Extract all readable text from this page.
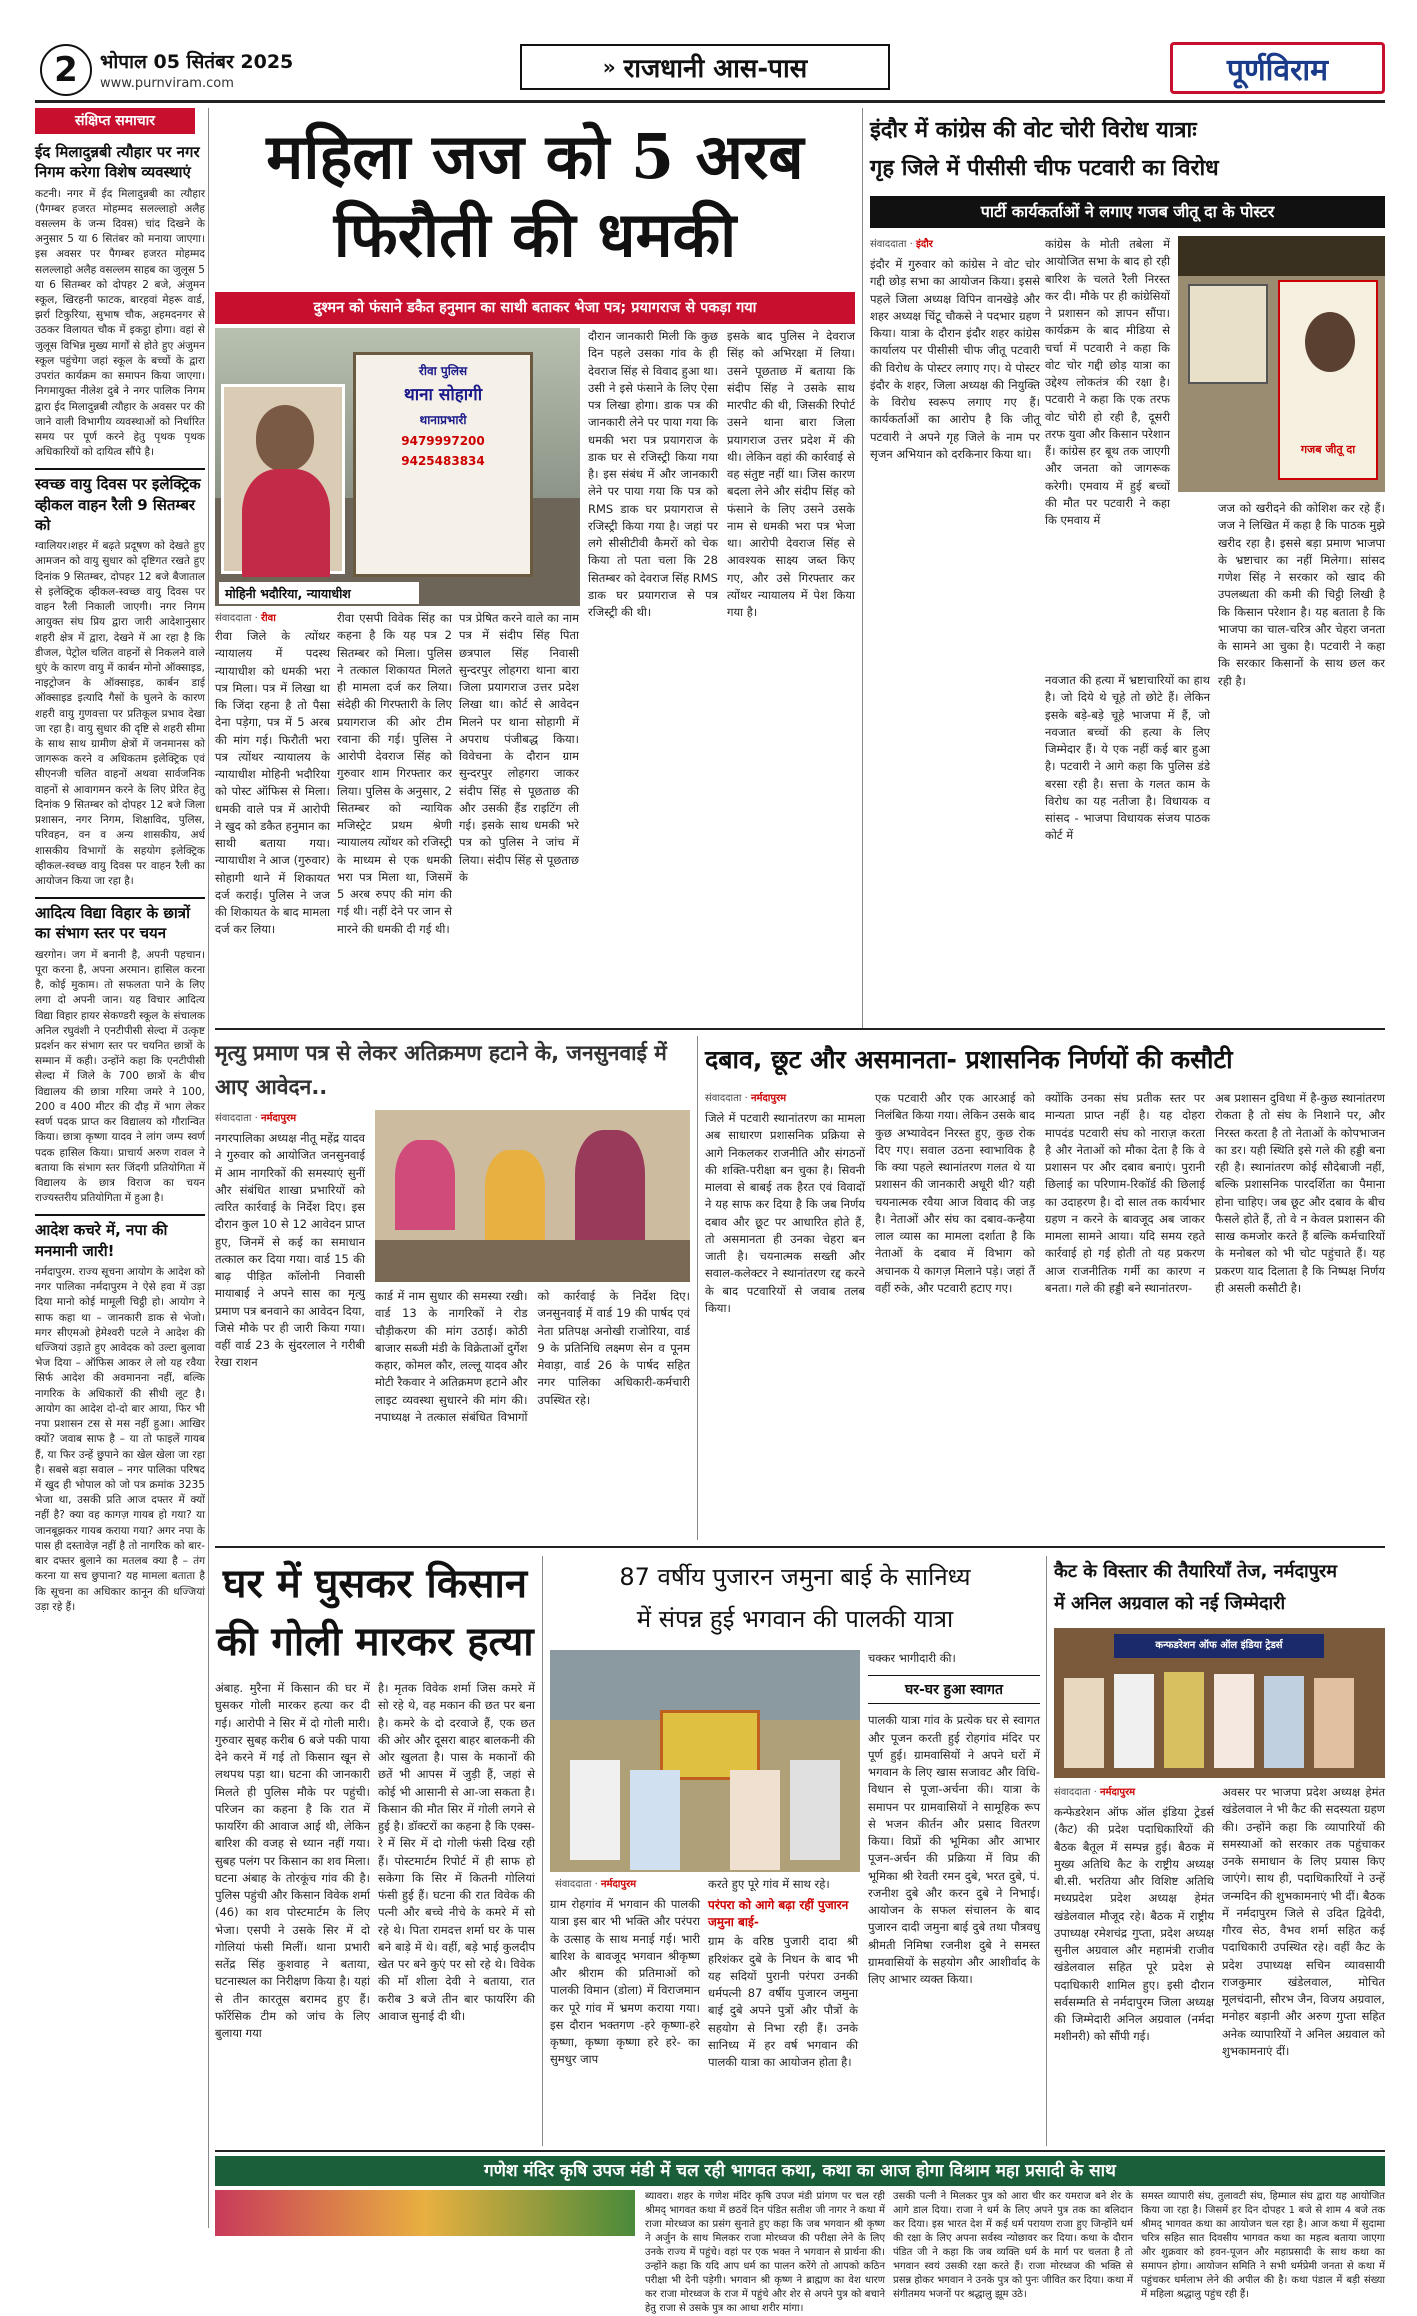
2	भोपाल 05 सितंबर 2025
www.purnviram.com
» राजधानी आस-पास	पूर्णविराम
संक्षिप्त समाचार
ईद मिलादुन्नबी त्यौहार पर नगर निगम करेगा विशेष व्यवस्थाएं
कटनी। नगर में ईद मिलादुन्नबी का त्यौहार (पैगम्बर हजरत मोहम्मद सलल्लाहो अलैह वसल्लम के जन्म दिवस) चांद दिखने के अनुसार 5 या 6 सितंबर को मनाया जाएगा। इस अवसर पर पैगम्बर हजरत मोहम्मद सलल्लाहो अलैह वसल्लम साहब का जुलूस 5 या 6 सितम्बर को दोपहर 2 बजे, अंजुमन स्कूल, खिरहनी फाटक, बारहवां मेहरू वार्ड, झर्रा टिकुरिया, सुभाष चौक, अहमदनगर से उठकर विलायत चौक में इकट्ठा होगा। वहां से जुलूस विभिन्न मुख्य मार्गों से होते हुए अंजुमन स्कूल पहुंचेगा जहां स्कूल के बच्चों के द्वारा उपरांत कार्यक्रम का समापन किया जाएगा। निगमायुक्त नीलेश दुबे ने नगर पालिक निगम द्वारा ईद मिलादुन्नबी त्यौहार के अवसर पर की जाने वाली विभागीय व्यवस्थाओं को निर्धारित समय पर पूर्ण करने हेतु पृथक पृथक अधिकारियों को दायित्व सौंपे है।
स्वच्छ वायु दिवस पर इलेक्ट्रिक व्हीकल वाहन रैली 9 सितम्बर को
ग्वालियर।शहर में बढ़ते प्रदूषण को देखते हुए आमजन को वायु सुधार को दृष्टिगत रखते हुए दिनांक 9 सितम्बर, दोपहर 12 बजे बैजाताल से इलेक्ट्रिक व्हीकल-स्वच्छ वायु दिवस पर वाहन रैली निकाली जाएगी। नगर निगम आयुक्त संघ प्रिय द्वारा जारी आदेशानुसार शहरी क्षेत्र में द्वारा, देखने में आ रहा है कि डीजल, पेट्रोल चलित वाहनों से निकलने वाले धुएं के कारण वायु में कार्बन मोनो ऑक्साइड, नाइट्रोजन के ऑक्साइड, कार्बन डाई ऑक्साइड इत्यादि गैसों के घुलने के कारण शहरी वायु गुणवत्ता पर प्रतिकूल प्रभाव देखा जा रहा है। वायु सुधार की दृष्टि से शहरी सीमा के साथ साथ ग्रामीण क्षेत्रों में जनमानस को जागरूक करने व अधिकतम इलेक्ट्रिक एवं सीएनजी चलित वाहनों अथवा सार्वजनिक वाहनों से आवागमन करने के लिए प्रेरित हेतु दिनांक 9 सितम्बर को दोपहर 12 बजे जिला प्रशासन, नगर निगम, शिक्षाविद, पुलिस, परिवहन, वन व अन्य शासकीय, अर्ध शासकीय विभागों के सहयोग इलेक्ट्रिक व्हीकल-स्वच्छ वायु दिवस पर वाहन रैली का आयोजन किया जा रहा है।
आदित्य विद्या विहार के छात्रों का संभाग स्तर पर चयन
खरगोन। जग में बनानी है, अपनी पहचान। पूरा करना है, अपना अरमान। हासिल करना है, कोई मुकाम। तो सफलता पाने के लिए लगा दो अपनी जान। यह विचार आदित्य विद्या विहार हायर सेकण्डरी स्कूल के संचालक अनिल रघुवंशी ने एनटीपीसी सेल्दा में उत्कृष्ट प्रदर्शन कर संभाग स्तर पर चयनित छात्रों के सम्मान में कही। उन्होंने कहा कि एनटीपीसी सेल्दा में जिले के 700 छात्रों के बीच विद्यालय की छात्रा गरिमा जमरे ने 100, 200 व 400 मीटर की दौड़ में भाग लेकर स्वर्ण पदक प्राप्त कर विद्यालय को गौरान्वित किया। छात्रा कृष्णा यादव ने लांग जम्प स्वर्ण पदक हासिल किया। प्राचार्य अरुण रावल ने बताया कि संभाग स्तर जिंदगी प्रतियोगिता में विद्यालय के छात्र विराज का चयन राज्यस्तरीय प्रतियोगिता में हुआ है।
आदेश कचरे में, नपा की मनमानी जारी!
नर्मदापुरम. राज्य सूचना आयोग के आदेश को नगर पालिका नर्मदापुरम ने ऐसे हवा में उड़ा दिया मानो कोई मामूली चिट्ठी हो। आयोग ने साफ कहा था – जानकारी डाक से भेजो। मगर सीएमओ हेमेश्वरी पटले ने आदेश की धज्जियां उड़ाते हुए आवेदक को उल्टा बुलावा भेज दिया – ऑफिस आकर ले लो यह रवैया सिर्फ आदेश की अवमानना नहीं, बल्कि नागरिक के अधिकारों की सीधी लूट है। आयोग का आदेश दो-दो बार आया, फिर भी नपा प्रशासन टस से मस नहीं हुआ। आखिर क्यों? जवाब साफ है – या तो फाइलें गायब हैं, या फिर उन्हें छुपाने का खेल खेला जा रहा है। सबसे बड़ा सवाल – नगर पालिका परिषद में खुद ही भोपाल को जो पत्र क्रमांक 3235 भेजा था, उसकी प्रति आज दफ्तर में क्यों नहीं है? क्या वह कागज़ गायब हो गया? या जानबूझकर गायब कराया गया? अगर नपा के पास ही दस्तावेज़ नहीं है तो नागरिक को बार-बार दफ्तर बुलाने का मतलब क्या है – तंग करना या सच छुपाना? यह मामला बताता है कि सूचना का अधिकार कानून की धज्जियां उड़ा रहे हैं।
महिला जज को 5 अरब
फिरौती की धमकी
दुश्मन को फंसाने डकैत हनुमान का साथी बताकर भेजा पत्र; प्रयागराज से पकड़ा गया
रीवा पुलिस
थाना सोहागी
थानाप्रभारी
9479997200
9425483834
मोहिनी भदौरिया, न्यायाधीश
संवाददाता · रीवा
रीवा जिले के त्योंथर न्यायालय में पदस्थ न्यायाधीश को धमकी भरा पत्र मिला। पत्र में लिखा था कि जिंदा रहना है तो पैसा देना पड़ेगा, पत्र में 5 अरब की मांग गई। फिरौती भरा पत्र त्योंथर न्यायालय के न्यायाधीश मोहिनी भदौरिया को पोस्ट ऑफिस से मिला। धमकी वाले पत्र में आरोपी ने खुद को डकैत हनुमान का साथी बताया गया। न्यायाधीश ने आज (गुरुवार) सोहागी थाने में शिकायत दर्ज कराई। पुलिस ने जज की शिकायत के बाद मामला दर्ज कर लिया।
रीवा एसपी विवेक सिंह का कहना है कि यह पत्र 2 सितम्बर को मिला। पुलिस ने तत्काल शिकायत मिलते ही मामला दर्ज कर लिया। संदेही की गिरफ्तारी के लिए प्रयागराज की ओर टीम रवाना की गई। पुलिस ने आरोपी देवराज सिंह को गुरुवार शाम गिरफ्तार कर लिया। पुलिस के अनुसार, 2 सितम्बर को न्यायिक मजिस्ट्रेट प्रथम श्रेणी न्यायालय त्योंथर को रजिस्ट्री के माध्यम से एक धमकी भरा पत्र मिला था, जिसमें 5 अरब रुपए की मांग की गई थी। नहीं देने पर जान से मारने की धमकी दी गई थी।
पत्र प्रेषित करने वाले का नाम पत्र में संदीप सिंह पिता छत्रपाल सिंह निवासी सुन्दरपुर लोहगरा थाना बारा जिला प्रयागराज उत्तर प्रदेश लिखा था। कोर्ट से आवेदन मिलने पर थाना सोहागी में अपराध पंजीबद्ध किया। विवेचना के दौरान ग्राम सुन्दरपुर लोहगरा जाकर संदीप सिंह से पूछताछ की और उसकी हैंड राइटिंग ली गई। इसके साथ धमकी भरे पत्र को पुलिस ने जांच में लिया। संदीप सिंह से पूछताछ के
दौरान जानकारी मिली कि कुछ दिन पहले उसका गांव के ही देवराज सिंह से विवाद हुआ था। उसी ने इसे फंसाने के लिए ऐसा पत्र लिखा होगा। डाक पत्र की जानकारी लेने पर पाया गया कि धमकी भरा पत्र प्रयागराज के डाक घर से रजिस्ट्री किया गया है। इस संबंध में और जानकारी लेने पर पाया गया कि पत्र को RMS डाक घर प्रयागराज से रजिस्ट्री किया गया है। जहां पर लगे सीसीटीवी कैमरों को चेक किया तो पता चला कि 28 सितम्बर को देवराज सिंह RMS डाक घर प्रयागराज से पत्र रजिस्ट्री की थी।
इसके बाद पुलिस ने देवराज सिंह को अभिरक्षा में लिया। उसने पूछताछ में बताया कि संदीप सिंह ने उसके साथ मारपीट की थी, जिसकी रिपोर्ट उसने थाना बारा जिला प्रयागराज उत्तर प्रदेश में की थी। लेकिन वहां की कार्रवाई से वह संतुष्ट नहीं था। जिस कारण बदला लेने और संदीप सिंह को फंसाने के लिए उसने उसके नाम से धमकी भरा पत्र भेजा था। आरोपी देवराज सिंह से आवश्यक साक्ष्य जब्त किए गए, और उसे गिरफ्तार कर त्योंथर न्यायालय में पेश किया गया है।
इंदौर में कांग्रेस की वोट चोरी विरोध यात्राः
गृह जिले में पीसीसी चीफ पटवारी का विरोध
पार्टी कार्यकर्ताओं ने लगाए गजब जीतू दा के पोस्टर
संवाददाता · इंदौर
इंदौर में गुरुवार को कांग्रेस ने वोट चोर गद्दी छोड़ सभा का आयोजन किया। इससे पहले जिला अध्यक्ष विपिन वानखेड़े और शहर अध्यक्ष चिंटू चौकसे ने पदभार ग्रहण किया। यात्रा के दौरान इंदौर शहर कांग्रेस कार्यालय पर पीसीसी चीफ जीतू पटवारी की विरोध के पोस्टर लगाए गए। ये पोस्टर इंदौर के शहर, जिला अध्यक्ष की नियुक्ति के विरोध स्वरूप लगाए गए हैं। कार्यकर्ताओं का आरोप है कि जीतू पटवारी ने अपने गृह जिले के नाम पर सृजन अभियान को दरकिनार किया था।
कांग्रेस के मोती तबेला में आयोजित सभा के बाद हो रही बारिश के चलते रैली निरस्त कर दी। मौके पर ही कांग्रेसियों ने प्रशासन को ज्ञापन सौंपा। कार्यक्रम के बाद मीडिया से चर्चा में पटवारी ने कहा कि वोट चोर गद्दी छोड़ यात्रा का उद्देश्य लोकतंत्र की रक्षा है। पटवारी ने कहा कि एक तरफ वोट चोरी हो रही है, दूसरी तरफ युवा और किसान परेशान हैं। कांग्रेस हर बूथ तक जाएगी और जनता को जागरूक करेगी। एमवाय में हुई बच्चों की मौत पर पटवारी ने कहा कि एमवाय में
गजब जीतू दा
नवजात की हत्या में भ्रष्टाचारियों का हाथ है। जो दिये थे चूहे तो छोटे हैं। लेकिन इसके बड़े-बड़े चूहे भाजपा में हैं, जो नवजात बच्चों की हत्या के लिए जिम्मेदार हैं। ये एक नहीं कई बार हुआ है। पटवारी ने आगे कहा कि पुलिस डंडे बरसा रही है। सत्ता के गलत काम के विरोध का यह नतीजा है। विधायक व सांसद - भाजपा विधायक संजय पाठक कोर्ट में
जज को खरीदने की कोशिश कर रहे हैं। जज ने लिखित में कहा है कि पाठक मुझे खरीद रहा है। इससे बड़ा प्रमाण भाजपा के भ्रष्टाचार का नहीं मिलेगा। सांसद गणेश सिंह ने सरकार को खाद की उपलब्धता की कमी की चिट्ठी लिखी है कि किसान परेशान है। यह बताता है कि भाजपा का चाल-चरित्र और चेहरा जनता के सामने आ चुका है। पटवारी ने कहा कि सरकार किसानों के साथ छल कर रही है।
मृत्यु प्रमाण पत्र से लेकर अतिक्रमण हटाने के, जनसुनवाई में आए आवेदन..
संवाददाता · नर्मदापुरम
नगरपालिका अध्यक्ष नीतू महेंद्र यादव ने गुरुवार को आयोजित जनसुनवाई में आम नागरिकों की समस्याएं सुनीं और संबंधित शाखा प्रभारियों को त्वरित कार्रवाई के निर्देश दिए। इस दौरान कुल 10 से 12 आवेदन प्राप्त हुए, जिनमें से कई का समाधान तत्काल कर दिया गया। वार्ड 15 की बाढ़ पीड़ित कॉलोनी निवासी मायाबाई ने अपने सास का मृत्यु प्रमाण पत्र बनवाने का आवेदन दिया, जिसे मौके पर ही जारी किया गया। वहीं वार्ड 23 के सुंदरलाल ने गरीबी रेखा राशन
कार्ड में नाम सुधार की समस्या रखी। वार्ड 13 के नागरिकों ने रोड चौड़ीकरण की मांग उठाई। कोठी बाजार सब्जी मंडी के विक्रेताओं दुर्गेश कहार, कोमल कौर, लल्लू यादव और मोटी रैकवार ने अतिक्रमण हटाने और लाइट व्यवस्था सुधारने की मांग की। नपाध्यक्ष ने तत्काल संबंधित विभागों को कार्रवाई के निर्देश दिए। जनसुनवाई में वार्ड 19 की पार्षद एवं नेता प्रतिपक्ष अनोखी राजोरिया, वार्ड 9 के प्रतिनिधि लक्ष्मण सेन व पूनम मेवाड़ा, वार्ड 26 के पार्षद सहित नगर पालिका अधिकारी-कर्मचारी उपस्थित रहे।
दबाव, छूट और असमानता- प्रशासनिक निर्णयों की कसौटी
संवाददाता · नर्मदापुरम
जिले में पटवारी स्थानांतरण का मामला अब साधारण प्रशासनिक प्रक्रिया से आगे निकलकर राजनीति और संगठनों की शक्ति-परीक्षा बन चुका है। सिवनी मालवा से बाबई तक हैरत एवं विवादों ने यह साफ कर दिया है कि जब निर्णय दबाव और छूट पर आधारित होते हैं, तो असमानता ही उनका चेहरा बन जाती है। चयनात्मक सख्ती और सवाल-कलेक्टर ने स्थानांतरण रद्द करने के बाद पटवारियों से जवाब तलब किया।
एक पटवारी और एक आरआई को निलंबित किया गया। लेकिन उसके बाद कुछ अभ्यावेदन निरस्त हुए, कुछ रोक दिए गए। सवाल उठना स्वाभाविक है कि क्या पहले स्थानांतरण गलत थे या प्रशासन की जानकारी अधूरी थी? यही चयनात्मक रवैया आज विवाद की जड़ है। नेताओं और संघ का दबाव-कन्हैया लाल व्यास का मामला दर्शाता है कि नेताओं के दबाव में विभाग को अचानक ये कागज़ मिलाने पड़े। जहां तैं वहीं रुके, और पटवारी हटाए गए।
क्योंकि उनका संघ प्रतीक स्तर पर मान्यता प्राप्त नहीं है। यह दोहरा मापदंड पटवारी संघ को नाराज़ करता है और नेताओं को मौका देता है कि वे प्रशासन पर और दबाव बनाएं। पुरानी छिलाई का परिणाम-रिकॉर्ड की छिलाई का उदाहरण है। दो साल तक कार्यभार ग्रहण न करने के बावजूद अब जाकर मामला सामने आया। यदि समय रहते कार्रवाई हो गई होती तो यह प्रकरण आज राजनीतिक गर्मी का कारण न बनता। गले की हड्डी बने स्थानांतरण-
अब प्रशासन दुविधा में है-कुछ स्थानांतरण रोकता है तो संघ के निशाने पर, और निरस्त करता है तो नेताओं के कोपभाजन का डर। यही स्थिति इसे गले की हड्डी बना रही है। स्थानांतरण कोई सौदेबाजी नहीं, बल्कि प्रशासनिक पारदर्शिता का पैमाना होना चाहिए। जब छूट और दबाव के बीच फैसले होते हैं, तो वे न केवल प्रशासन की साख कमजोर करते हैं बल्कि कर्मचारियों के मनोबल को भी चोट पहुंचाते हैं। यह प्रकरण याद दिलाता है कि निष्पक्ष निर्णय ही असली कसौटी है।
घर में घुसकर किसान
की गोली मारकर हत्या
अंबाह. मुरैना में किसान की घर में घुसकर गोली मारकर हत्या कर दी गई। आरोपी ने सिर में दो गोली मारी। गुरुवार सुबह करीब 6 बजे पकी पाया देने करने में गई तो किसान खून से लथपथ पड़ा था। घटना की जानकारी मिलते ही पुलिस मौके पर पहुंची। परिजन का कहना है कि रात में फायरिंग की आवाज आई थी, लेकिन बारिश की वजह से ध्यान नहीं गया। सुबह पलंग पर किसान का शव मिला। घटना अंबाह के तोरकूंच गांव की है। पुलिस पहुंची और किसान विवेक शर्मा (46) का शव पोस्टमार्टम के लिए भेजा। एसपी ने उसके सिर में दो गोलियां फंसी मिलीं। थाना प्रभारी सतेंद्र सिंह कुशवाह ने बताया, घटनास्थल का निरीक्षण किया है। यहां से तीन कारतूस बरामद हुए हैं। फॉरेंसिक टीम को जांच के लिए बुलाया गया
है। मृतक विवेक शर्मा जिस कमरे में सो रहे थे, वह मकान की छत पर बना है। कमरे के दो दरवाजे हैं, एक छत की ओर और दूसरा बाहर बालकनी की ओर खुलता है। पास के मकानों की छतें भी आपस में जुड़ी हैं, जहां से कोई भी आसानी से आ-जा सकता है। किसान की मौत सिर में गोली लगने से हुई है। डॉक्टरों का कहना है कि एक्स-रे में सिर में दो गोली फंसी दिख रही हैं। पोस्टमार्टम रिपोर्ट में ही साफ हो सकेगा कि सिर में कितनी गोलियां फंसी हुई हैं। घटना की रात विवेक की पत्नी और बच्चे नीचे के कमरे में सो रहे थे। पिता रामदत्त शर्मा घर के पास बने बाड़े में थे। वहीं, बड़े भाई कुलदीप खेत पर बने कुएं पर सो रहे थे। विवेक की माँ शीला देवी ने बताया, रात करीब 3 बजे तीन बार फायरिंग की आवाज सुनाई दी थी।
87 वर्षीय पुजारन जमुना बाई के सानिध्य
में संपन्न हुई भगवान की पालकी यात्रा
संवाददाता · नर्मदापुरम
ग्राम रोहगांव में भगवान की पालकी यात्रा इस बार भी भक्ति और परंपरा के उत्साह के साथ मनाई गई। भारी बारिश के बावजूद भगवान श्रीकृष्ण और श्रीराम की प्रतिमाओं को पालकी विमान (डोला) में विराजमान कर पूरे गांव में भ्रमण कराया गया। इस दौरान भक्तगण -हरे कृष्णा-हरे कृष्णा, कृष्णा कृष्णा हरे हरे- का सुमधुर जाप
करते हुए पूरे गांव में साथ रहे।
परंपरा को आगे बढ़ा रहीं पुजारन जमुना बाई-
ग्राम के वरिष्ठ पुजारी दादा श्री हरिशंकर दुबे के निधन के बाद भी यह सदियों पुरानी परंपरा उनकी धर्मपत्नी 87 वर्षीय पुजारन जमुना बाई दुबे अपने पुत्रों और पौत्रों के सहयोग से निभा रही हैं। उनके सानिध्य में हर वर्ष भगवान की पालकी यात्रा का आयोजन होता है।
चक्कर भागीदारी की।
घर-घर हुआ स्वागत
पालकी यात्रा गांव के प्रत्येक घर से स्वागत और पूजन करती हुई रोहगांव मंदिर पर पूर्ण हुई। ग्रामवासियों ने अपने घरों में भगवान के लिए खास सजावट और विधि-विधान से पूजा-अर्चना की। यात्रा के समापन पर ग्रामवासियों ने सामूहिक रूप से भजन कीर्तन और प्रसाद वितरण किया। विप्रों की भूमिका और आभार पूजन-अर्चन की प्रक्रिया में विप्र की भूमिका श्री रेवती रमन दुबे, भरत दुबे, पं. रजनीश दुबे और करन दुबे ने निभाई। आयोजन के सफल संचालन के बाद पुजारन दादी जमुना बाई दुबे तथा पौत्रवधु श्रीमती निमिषा रजनीश दुबे ने समस्त ग्रामवासियों के सहयोग और आशीर्वाद के लिए आभार व्यक्त किया।
कैट के विस्तार की तैयारियाँ तेज, नर्मदापुरम
में अनिल अग्रवाल को नई जिम्मेदारी
कन्फडरेशन ऑफ ऑल इंडिया ट्रेडर्स
संवाददाता · नर्मदापुरम
कन्फेडरेशन ऑफ ऑल इंडिया ट्रेडर्स (कैट) की प्रदेश पदाधिकारियों की बैठक बैतूल में सम्पन्न हुई। बैठक में मुख्य अतिथि कैट के राष्ट्रीय अध्यक्ष बी.सी. भरतिया और विशिष्ट अतिथि मध्यप्रदेश प्रदेश अध्यक्ष हेमंत खंडेलवाल मौजूद रहे। बैठक में राष्ट्रीय उपाध्यक्ष रमेशचंद्र गुप्ता, प्रदेश अध्यक्ष सुनील अग्रवाल और महामंत्री राजीव खंडेलवाल सहित पूरे प्रदेश से पदाधिकारी शामिल हुए। इसी दौरान सर्वसम्मति से नर्मदापुरम जिला अध्यक्ष की जिम्मेदारी अनिल अग्रवाल (नर्मदा मशीनरी) को सौंपी गई।
अवसर पर भाजपा प्रदेश अध्यक्ष हेमंत खंडेलवाल ने भी कैट की सदस्यता ग्रहण की। उन्होंने कहा कि व्यापारियों की समस्याओं को सरकार तक पहुंचाकर उनके समाधान के लिए प्रयास किए जाएंगे। साथ ही, पदाधिकारियों ने उन्हें जन्मदिन की शुभकामनाएं भी दीं। बैठक में नर्मदापुरम जिले से उदित द्विवेदी, गौरव सेठ, वैभव शर्मा सहित कई पदाधिकारी उपस्थित रहे। वहीं कैट के प्रदेश उपाध्यक्ष सचिन व्यावसायी राजकुमार खंडेलवाल, मोचित मूलचंदानी, सौरभ जैन, विजय अग्रवाल, मनोहर बड़ानी और अरुण गुप्ता सहित अनेक व्यापारियों ने अनिल अग्रवाल को शुभकामनाएं दीं।
गणेश मंदिर कृषि उपज मंडी में चल रही भागवत कथा, कथा का आज होगा विश्राम महा प्रसादी के साथ
ब्यावरा। शहर के गणेश मंदिर कृषि उपज मंडी प्रांगण पर चल रही श्रीमद् भागवत कथा में छठवें दिन पंडित सतीश जी नागर ने कथा में राजा मोरध्वज का प्रसंग सुनाते हुए कहा कि जब भगवान श्री कृष्ण ने अर्जुन के साथ मिलकर राजा मोरध्वज की परीक्षा लेने के लिए उनके राज्य में पहुंचे। वहां पर एक भक्त ने भगवान से प्रार्थना की। उन्होंने कहा कि यदि आप धर्म का पालन करेंगे तो आपको कठिन परीक्षा भी देनी पड़ेगी। भगवान श्री कृष्ण ने ब्राह्मण का वेश धारण कर राजा मोरध्वज के राज में पहुंचे और शेर से अपने पुत्र को बचाने हेतु राजा से उसके पुत्र का आधा शरीर मांगा।
उसकी पत्नी ने मिलकर पुत्र को आरा चीर कर यमराज बने शेर के आगे डाल दिया। राजा ने धर्म के लिए अपने पुत्र तक का बलिदान कर दिया। इस भारत देश में कई धर्म परायण राजा हुए जिन्होंने धर्म की रक्षा के लिए अपना सर्वस्व न्योछावर कर दिया। कथा के दौरान पंडित जी ने कहा कि जब व्यक्ति धर्म के मार्ग पर चलता है तो भगवान स्वयं उसकी रक्षा करते हैं। राजा मोरध्वज की भक्ति से प्रसन्न होकर भगवान ने उनके पुत्र को पुनः जीवित कर दिया। कथा में संगीतमय भजनों पर श्रद्धालु झूम उठे।
समस्त व्यापारी संघ, तुलावटी संघ, हिम्माल संघ द्वारा यह आयोजित किया जा रहा है। जिसमें हर दिन दोपहर 1 बजे से शाम 4 बजे तक श्रीमद् भागवत कथा का आयोजन चल रहा है। आज कथा में सुदामा चरित्र सहित सात दिवसीय भागवत कथा का महत्व बताया जाएगा और शुक्रवार को हवन-पूजन और महाप्रसादी के साथ कथा का समापन होगा। आयोजन समिति ने सभी धर्मप्रेमी जनता से कथा में पहुंचकर धर्मलाभ लेने की अपील की है। कथा पंडाल में बड़ी संख्या में महिला श्रद्धालु पहुंच रही हैं।
